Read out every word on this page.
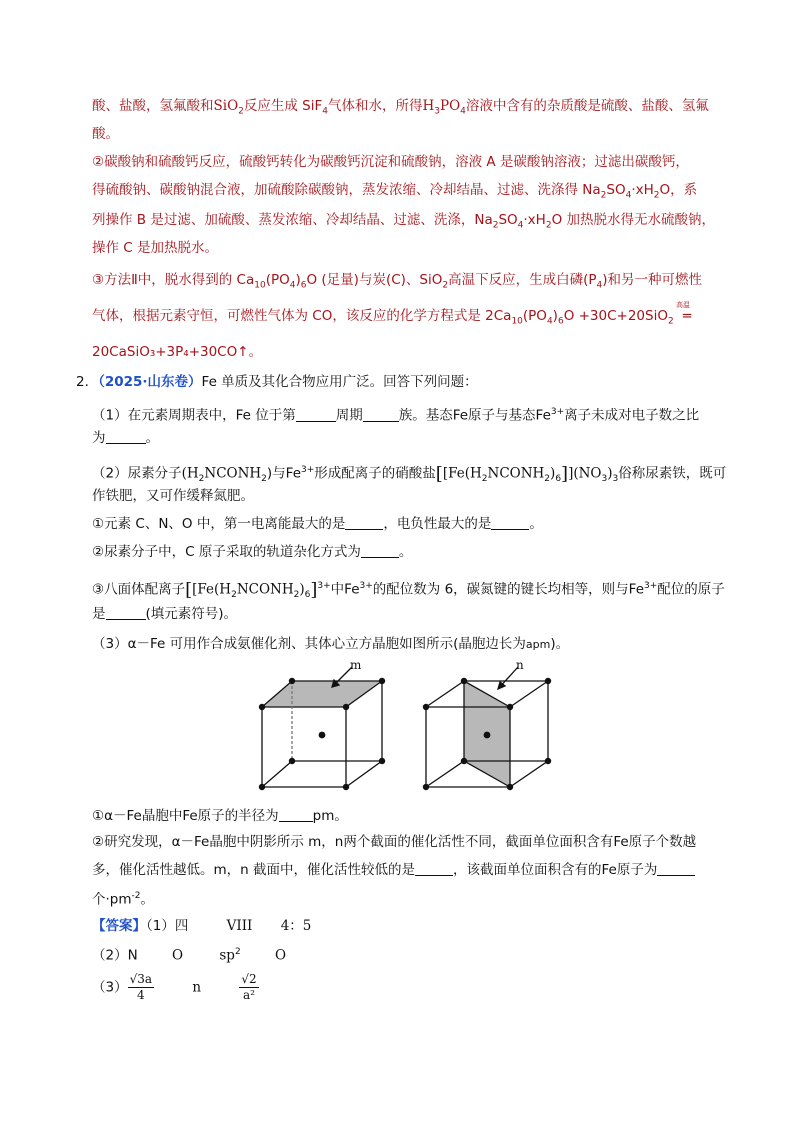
酸、盐酸，氢氟酸和SiO$_2$反应生成 SiF$_4$气体和水，所得$H_3PO_4$溶液中含有的杂质酸是硫酸、盐酸、氢氟
酸。
②碳酸钠和硫酸钙反应，硫酸钙转化为碳酸钙沉淀和硫酸钠，溶液 A 是碳酸钠溶液；过滤出碳酸钙，
得硫酸钠、碳酸钠混合液，加硫酸除碳酸钠，蒸发浓缩、冷却结晶、过滤、洗涤得 $Na_2SO_4\cdot xH_2O$，系
列操作 B 是过滤、加硫酸、蒸发浓缩、冷却结晶、过滤、洗涤，$Na_2SO_4\cdot xH_2O$ 加热脱水得无水硫酸钠，
操作 C 是加热脱水。
③方法Ⅱ中，脱水得到的 $Ca_{10}(PO_4)_6O$ (足量)与炭(C)、SiO$_2$高温下反应，生成白磷$(P_4)$和另一种可燃性
气体，根据元素守恒，可燃性气体为 CO，该反应的化学方程式是 $2Ca_{10}(PO_4)_6O +30C+20SiO_2$
高温
=
20CaSiO₃+3P₄+30CO↑。
2．（2025·山东卷）Fe 单质及其化合物应用广泛。回答下列问题：
（1）在元素周期表中，Fe 位于第	周期	族。基态Fe原子与基态$Fe^{3+}$离子未成对电子数之比
为	。
（2）尿素分子$(H_2NCONH_2)$与$Fe^{3+}$形成配离子的硝酸盐$[[Fe(H_2NCONH_2)_6]](NO_3)_3$俗称尿素铁，既可
作铁肥，又可作缓释氮肥。
①元素 C、N、O 中，第一电离能最大的是	，电负性最大的是	。
②尿素分子中，C 原子采取的轨道杂化方式为	。
③八面体配离子[$[Fe(H_2NCONH_2)_6]^{3+}$中$Fe^{3+}$的配位数为 6，碳氮键的键长均相等，则与$Fe^{3+}$配位的原子
是	(填元素符号)。
（3）α－Fe 可用作合成氨催化剂、其体心立方晶胞如图所示(晶胞边长为apm)。
m	n
①α－Fe晶胞中Fe原子的半径为	pm。
②研究发现，α－Fe晶胞中阴影所示 m，n两个截面的催化活性不同，截面单位面积含有Fe原子个数越
多，催化活性越低。m，n 截面中，催化活性较低的是	，该截面单位面积含有的Fe原子为
个$\cdot pm^{-2}$。
【答案】（1）四	VIII 4：5
（2）N	O	$sp^2$	O
$(3) \frac{√3a}{4}$	n	$\frac{√2}{\text{a²}}$
